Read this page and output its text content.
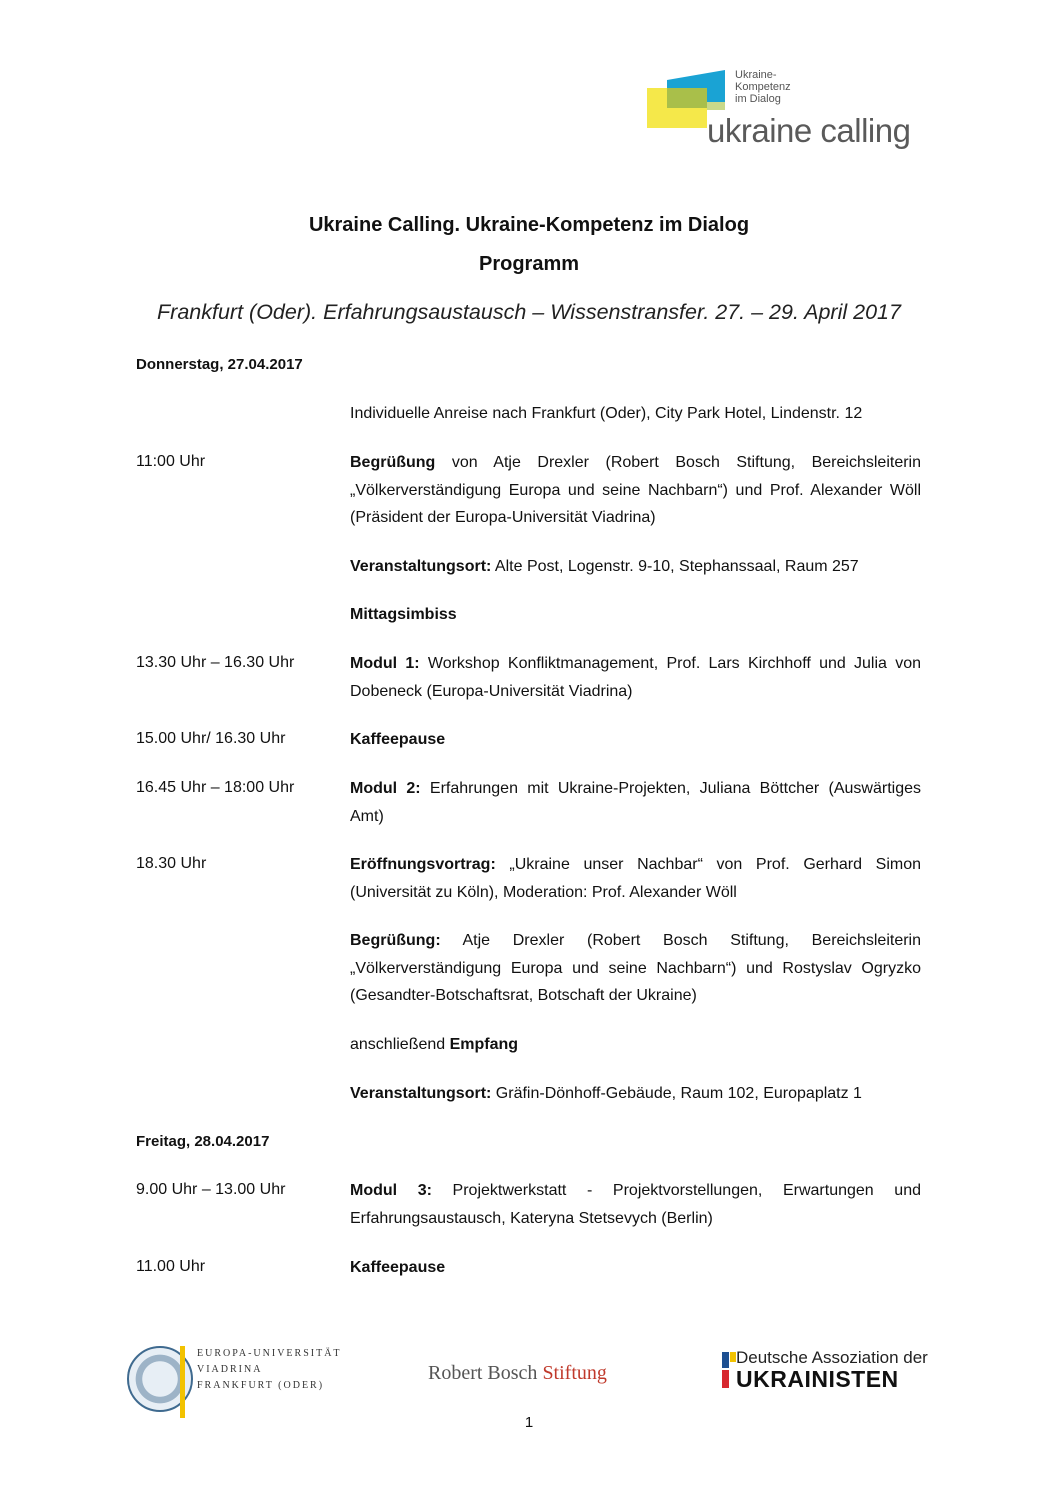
Ukraine-
Kompetenz
im Dialog
ukraine calling
Ukraine Calling. Ukraine-Kompetenz im Dialog
Programm
Frankfurt (Oder). Erfahrungsaustausch – Wissenstransfer. 27. – 29. April 2017
Donnerstag, 27.04.2017
Individuelle Anreise nach Frankfurt (Oder), City Park Hotel, Lindenstr. 12
11:00 Uhr	Begrüßung von Atje Drexler (Robert Bosch Stiftung, Bereichsleiterin „Völkerverständigung Europa und seine Nachbarn“) und Prof. Alexander Wöll (Präsident der Europa-Universität Viadrina)
Veranstaltungsort: Alte Post, Logenstr. 9-10, Stephanssaal, Raum 257
Mittagsimbiss
13.30 Uhr – 16.30 Uhr	Modul 1: Workshop Konfliktmanagement, Prof. Lars Kirchhoff und Julia von Dobeneck (Europa-Universität Viadrina)
15.00 Uhr/ 16.30 Uhr	Kaffeepause
16.45 Uhr – 18:00 Uhr	Modul 2: Erfahrungen mit Ukraine-Projekten, Juliana Böttcher (Auswärtiges Amt)
18.30 Uhr	Eröffnungsvortrag: „Ukraine unser Nachbar“ von Prof. Gerhard Simon (Universität zu Köln), Moderation: Prof. Alexander Wöll
Begrüßung: Atje Drexler (Robert Bosch Stiftung, Bereichsleiterin „Völkerverständigung Europa und seine Nachbarn“) und Rostyslav Ogryzko (Gesandter-Botschaftsrat, Botschaft der Ukraine)
anschließend Empfang
Veranstaltungsort: Gräfin-Dönhoff-Gebäude, Raum 102, Europaplatz 1
Freitag, 28.04.2017
9.00 Uhr – 13.00 Uhr	Modul 3: Projektwerkstatt - Projektvorstellungen, Erwartungen und Erfahrungsaustausch, Kateryna Stetsevych (Berlin)
11.00 Uhr	Kaffeepause
EUROPA-UNIVERSITÄT
VIADRINA
FRANKFURT (ODER)
Robert Bosch Stiftung
Deutsche Assoziation der
UKRAINISTEN
1
